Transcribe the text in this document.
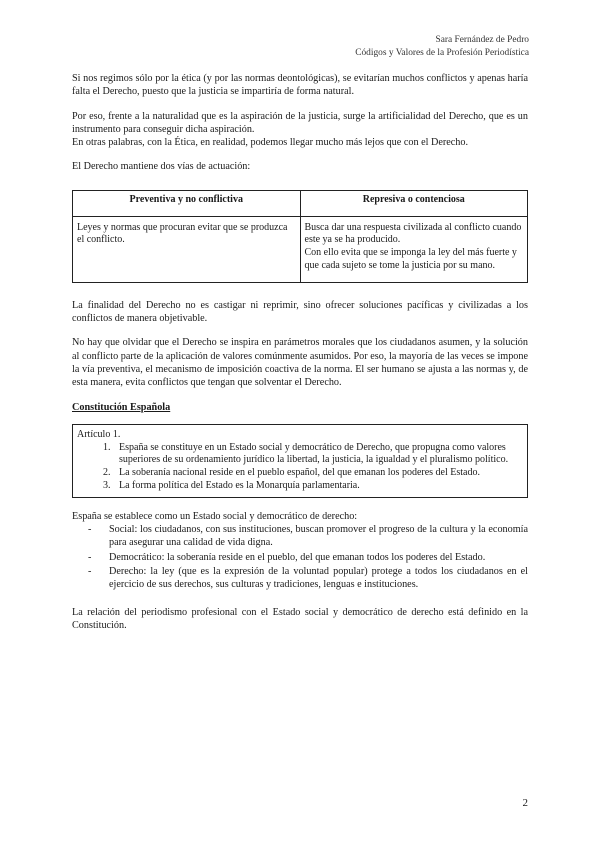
Sara Fernández de Pedro
Códigos y Valores de la Profesión Periodística

Si nos regimos sólo por la ética (y por las normas deontológicas), se evitarían muchos conflictos y apenas haría falta el Derecho, puesto que la justicia se impartiría de forma natural.

Por eso, frente a la naturalidad que es la aspiración de la justicia, surge la artificialidad del Derecho, que es un instrumento para conseguir dicha aspiración.
En otras palabras, con la Ética, en realidad, podemos llegar mucho más lejos que con el Derecho.

El Derecho mantiene dos vías de actuación:

Preventiva y no conflictiva	Represiva o contenciosa
Leyes y normas que procuran evitar que se produzca el conflicto.	Busca dar una respuesta civilizada al conflicto cuando este ya se ha producido.
Con ello evita que se imponga la ley del más fuerte y que cada sujeto se tome la justicia por su mano.

La finalidad del Derecho no es castigar ni reprimir, sino ofrecer soluciones pacíficas y civilizadas a los conflictos de manera objetivable.

No hay que olvidar que el Derecho se inspira en parámetros morales que los ciudadanos asumen, y la solución al conflicto parte de la aplicación de valores comúnmente asumidos. Por eso, la mayoría de las veces se impone la vía preventiva, el mecanismo de imposición coactiva de la norma. El ser humano se ajusta a las normas y, de esta manera, evita conflictos que tengan que solventar el Derecho.

Constitución Española
Artículo 1.
1. España se constituye en un Estado social y democrático de Derecho, que propugna como valores superiores de su ordenamiento jurídico la libertad, la justicia, la igualdad y el pluralismo político.
2. La soberanía nacional reside en el pueblo español, del que emanan los poderes del Estado.
3. La forma política del Estado es la Monarquía parlamentaria.

España se establece como un Estado social y democrático de derecho:

- Social: los ciudadanos, con sus instituciones, buscan promover el progreso de la cultura y la economía para asegurar una calidad de vida digna.
- Democrático: la soberanía reside en el pueblo, del que emanan todos los poderes del Estado.
- Derecho: la ley (que es la expresión de la voluntad popular) protege a todos los ciudadanos en el ejercicio de sus derechos, sus culturas y tradiciones, lenguas e instituciones.

La relación del periodismo profesional con el Estado social y democrático de derecho está definido en la Constitución.

2
